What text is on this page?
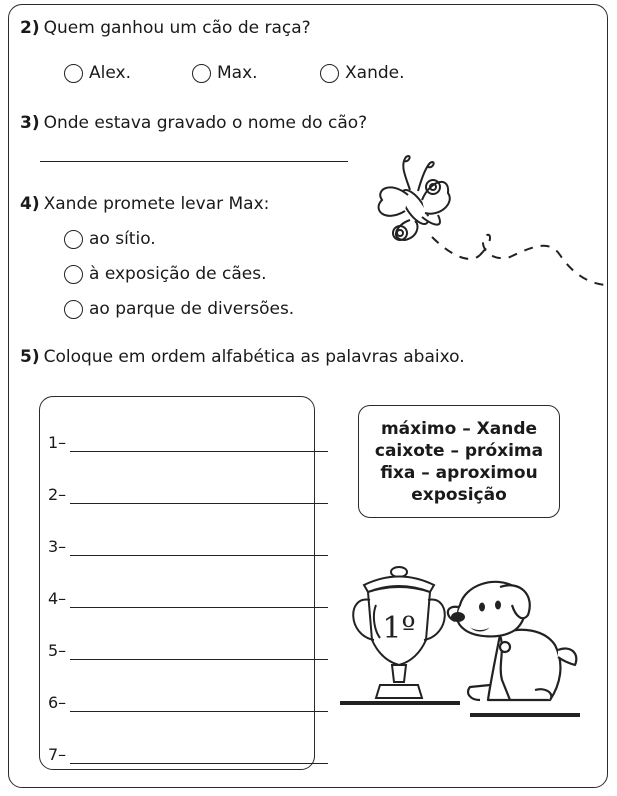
2) Quem ganhou um cão de raça?
Alex.	Max.	Xande.
3) Onde estava gravado o nome do cão?
4) Xande promete levar Max:
ao sítio.
à exposição de cães.
ao parque de diversões.
5) Coloque em ordem alfabética as palavras abaixo.
1–
2–
3–
4–
5–
6–
7–
máximo – Xande
caixote – próxima
fixa – aproximou
exposição
1º
